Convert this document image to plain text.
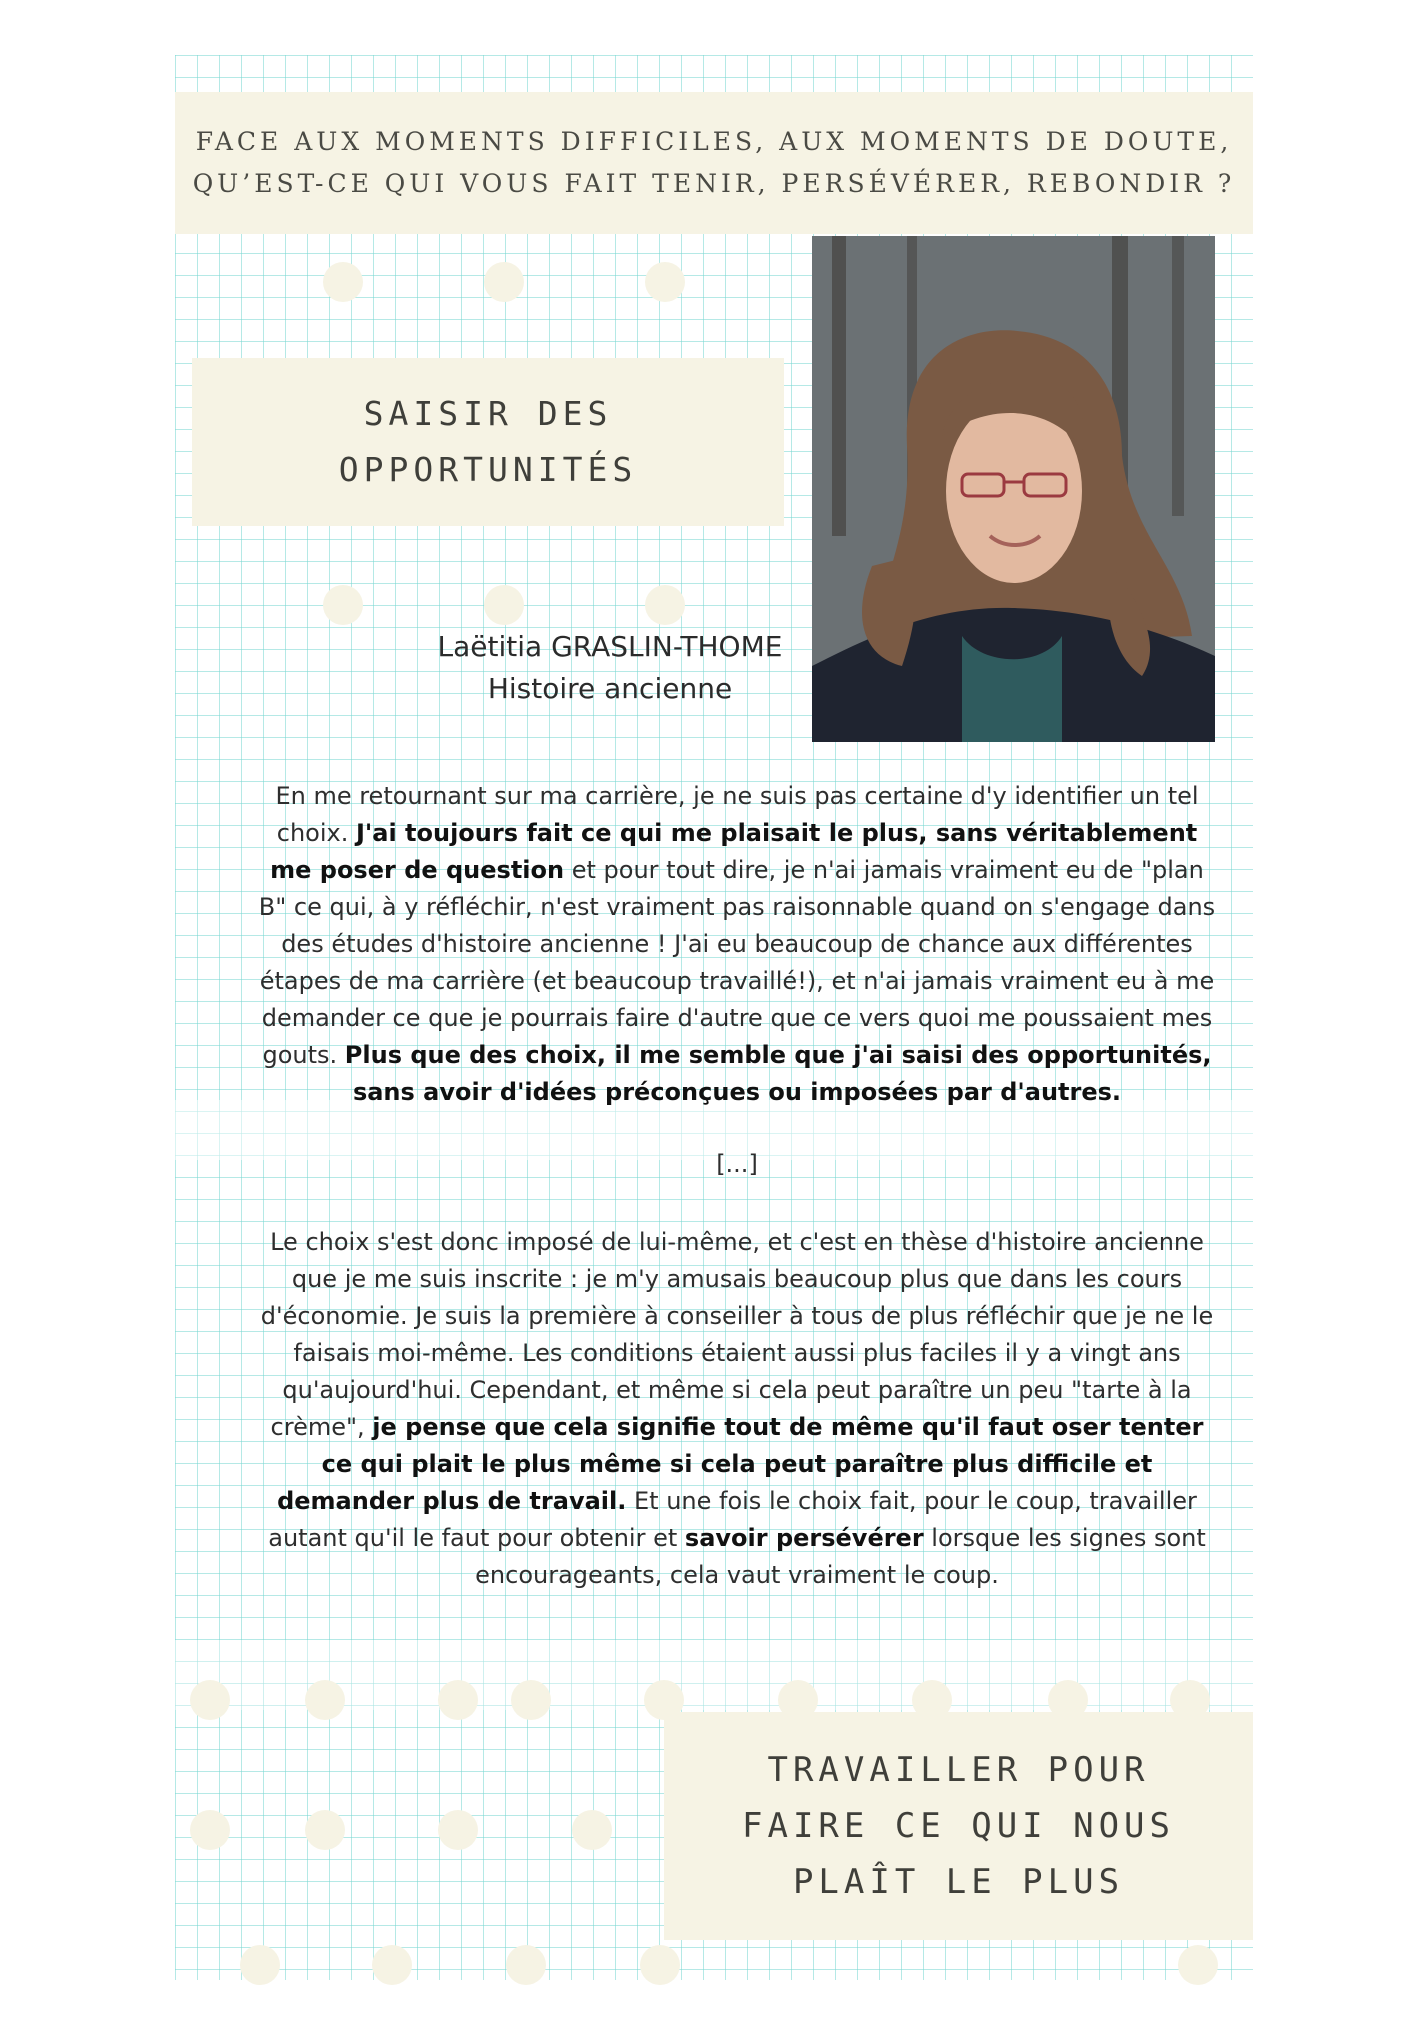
FACE AUX MOMENTS DIFFICILES, AUX MOMENTS DE DOUTE,
QU’EST-CE QUI VOUS FAIT TENIR, PERSÉVÉRER, REBONDIR ?
SAISIR DES
OPPORTUNITÉS
Laëtitia GRASLIN-THOME
Histoire ancienne
En me retournant sur ma carrière, je ne suis pas certaine d'y identifier un tel choix. J'ai toujours fait ce qui me plaisait le plus, sans véritablement me poser de question et pour tout dire, je n'ai jamais vraiment eu de "plan B" ce qui, à y réfléchir, n'est vraiment pas raisonnable quand on s'engage dans des études d'histoire ancienne ! J'ai eu beaucoup de chance aux différentes étapes de ma carrière (et beaucoup travaillé!), et n'ai jamais vraiment eu à me demander ce que je pourrais faire d'autre que ce vers quoi me poussaient mes gouts. Plus que des choix, il me semble que j'ai saisi des opportunités, sans avoir d'idées préconçues ou imposées par d'autres.
[...]
Le choix s'est donc imposé de lui-même, et c'est en thèse d'histoire ancienne que je me suis inscrite : je m'y amusais beaucoup plus que dans les cours d'économie. Je suis la première à conseiller à tous de plus réfléchir que je ne le faisais moi-même. Les conditions étaient aussi plus faciles il y a vingt ans qu'aujourd'hui. Cependant, et même si cela peut paraître un peu "tarte à la crème", je pense que cela signifie tout de même qu'il faut oser tenter ce qui plait le plus même si cela peut paraître plus difficile et demander plus de travail. Et une fois le choix fait, pour le coup, travailler autant qu'il le faut pour obtenir et savoir persévérer lorsque les signes sont encourageants, cela vaut vraiment le coup.
TRAVAILLER POUR
FAIRE CE QUI NOUS
PLAÎT LE PLUS
